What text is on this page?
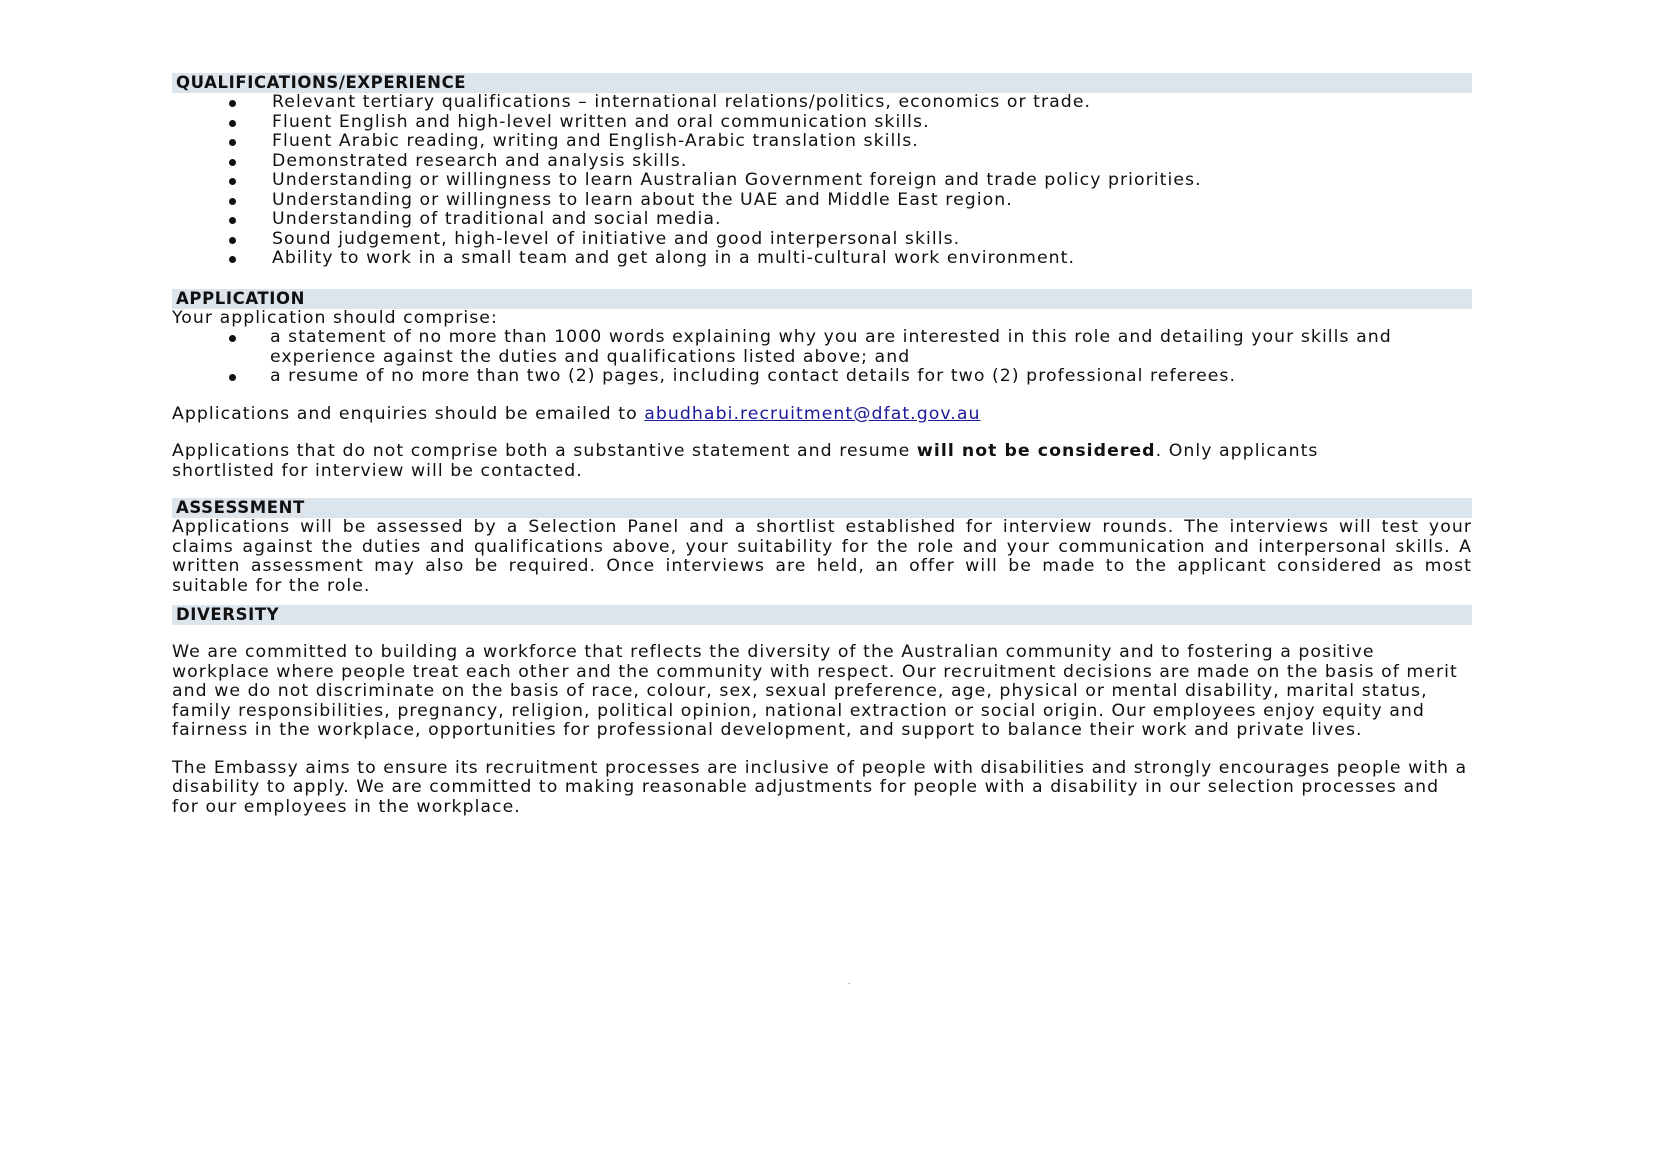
QUALIFICATIONS/EXPERIENCE
Relevant tertiary qualifications – international relations/politics, economics or trade.
Fluent English and high-level written and oral communication skills.
Fluent Arabic reading, writing and English-Arabic translation skills.
Demonstrated research and analysis skills.
Understanding or willingness to learn Australian Government foreign and trade policy priorities.
Understanding or willingness to learn about the UAE and Middle East region.
Understanding of traditional and social media.
Sound judgement, high-level of initiative and good interpersonal skills.
Ability to work in a small team and get along in a multi-cultural work environment.
APPLICATION

Your application should comprise:

a statement of no more than 1000 words explaining why you are interested in this role and detailing your skills and experience against the duties and qualifications listed above; and
a resume of no more than two (2) pages, including contact details for two (2) professional referees.

Applications and enquiries should be emailed to abudhabi.recruitment@dfat.gov.au

Applications that do not comprise both a substantive statement and resume will not be considered. Only applicants shortlisted for interview will be contacted.

ASSESSMENT

Applications will be assessed by a Selection Panel and a shortlist established for interview rounds. The interviews will test your claims against the duties and qualifications above, your suitability for the role and your communication and interpersonal skills. A written assessment may also be required. Once interviews are held, an offer will be made to the applicant considered as most suitable for the role.

DIVERSITY

We are committed to building a workforce that reflects the diversity of the Australian community and to fostering a positive workplace where people treat each other and the community with respect. Our recruitment decisions are made on the basis of merit and we do not discriminate on the basis of race, colour, sex, sexual preference, age, physical or mental disability, marital status, family responsibilities, pregnancy, religion, political opinion, national extraction or social origin. Our employees enjoy equity and fairness in the workplace, opportunities for professional development, and support to balance their work and private lives.

The Embassy aims to ensure its recruitment processes are inclusive of people with disabilities and strongly encourages people with a disability to apply. We are committed to making reasonable adjustments for people with a disability in our selection processes and for our employees in the workplace.
